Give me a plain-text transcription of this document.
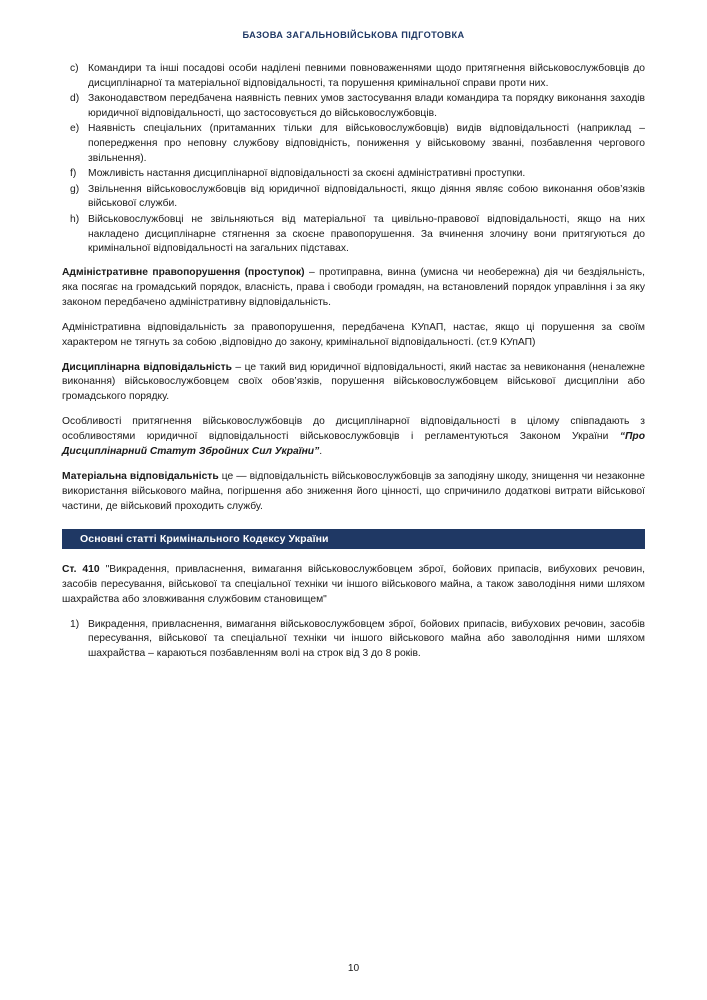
БАЗОВА ЗАГАЛЬНОВІЙСЬКОВА ПІДГОТОВКА
c) Командири та інші посадові особи наділені певними повноваженнями щодо притягнення військовослужбовців до дисциплінарної та матеріальної відповідальності, та порушення кримінальної справи проти них.
d) Законодавством передбачена наявність певних умов застосування влади командира та порядку виконання заходів юридичної відповідальності, що застосовується до військовослужбовців.
e) Наявність спеціальних (притаманних тільки для військовослужбовців) видів відповідальності (наприклад – попередження про неповну службову відповідність, пониження у військовому званні, позбавлення чергового звільнення).
f)	Можливість настання дисциплінарної відповідальності за скоєні адміністративні проступки.
g) Звільнення військовослужбовців від юридичної відповідальності, якщо діяння являє собою виконання обов’язків військової служби.
h) Військовослужбовці не звільняються від матеріальної та цивільно-правової відповідальності, якщо на них накладено дисциплінарне стягнення за скоєне правопорушення. За вчинення злочину вони притягуються до кримінальної відповідальності на загальних підставах.

Адміністративне правопорушення (проступок) – протиправна, винна (умисна чи необережна) дія чи бездіяльність, яка посягає на громадський порядок, власність, права і свободи громадян, на встановлений порядок управління і за яку законом передбачено адміністративну відповідальність.

Адміністративна відповідальність за правопорушення, передбачена КУпАП, настає, якщо ці порушення за своїм характером не тягнуть за собою ,відповідно до закону, кримінальної відповідальності. (ст.9 КУпАП)

Дисциплінарна відповідальність – це такий вид юридичної відповідальності, який настає за невиконання (неналежне виконання) військовослужбовцем своїх обов’язків, порушення військовослужбовцем військової дисципліни або громадського порядку.

Особливості притягнення військовослужбовців до дисциплінарної відповідальності в цілому співпадають з особливостями юридичної відповідальності військовослужбовців і регламентуються Законом України “Про Дисциплінарний Статут Збройних Сил України”.

Матеріальна відповідальність це — відповідальність військовослужбовців за заподіяну шкоду, знищення чи незаконне використання військового майна, погіршення або зниження його цінності, що спричинило додаткові витрати військової частини, де військовий проходить службу.

Основні статті Кримінального Кодексу України

Ст. 410 "Викрадення, привласнення, вимагання військовослужбовцем зброї, бойових припасів, вибухових речовин, засобів пересування, військової та спеціальної техніки чи іншого військового майна, а також заволодіння ними шляхом шахрайства або зловживання службовим становищем"

1) Викрадення, привласнення, вимагання військовослужбовцем зброї, бойових припасів, вибухових речовин, засобів пересування, військової та спеціальної техніки чи іншого військового майна або заволодіння ними шляхом шахрайства – караються позбавленням волі на строк від 3 до 8 років.
10
